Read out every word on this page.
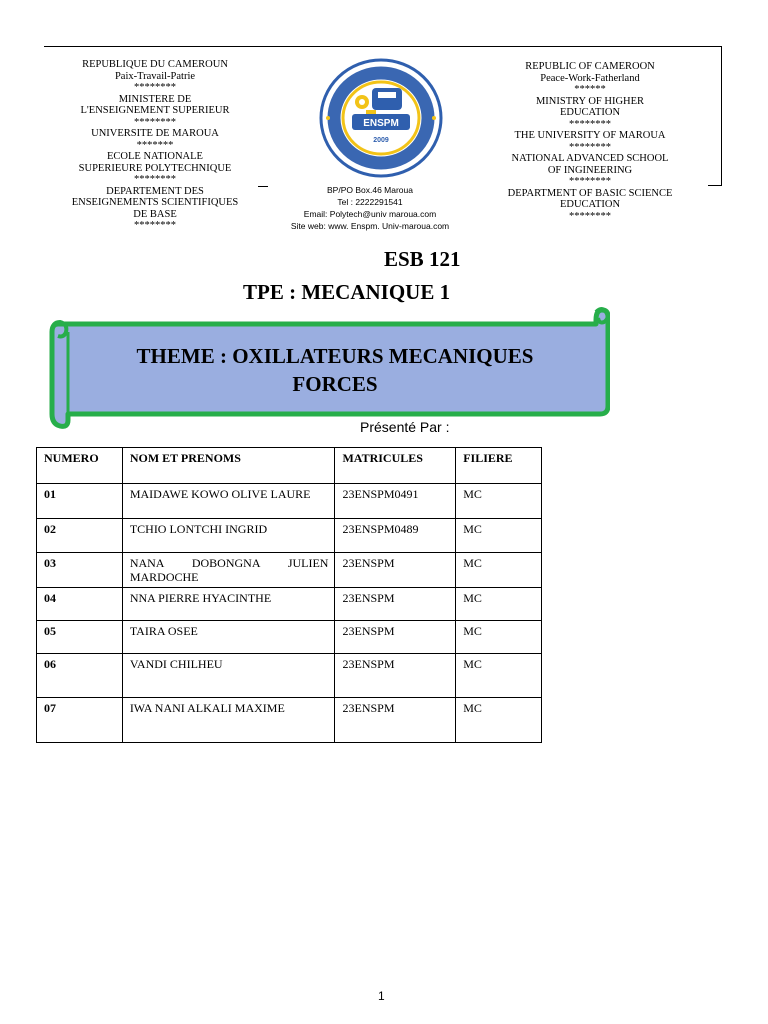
REPUBLIQUE DU CAMEROUN
Paix-Travail-Patrie
********
MINISTERE DE
L'ENSEIGNEMENT SUPERIEUR
********
UNIVERSITE DE MAROUA
*******
ECOLE NATIONALE
SUPERIEURE POLYTECHNIQUE
********
DEPARTEMENT DES
ENSEIGNEMENTS SCIENTIFIQUES
DE BASE
********
REPUBLIC OF CAMEROON
Peace-Work-Fatherland
******
MINISTRY OF HIGHER
EDUCATION
********
THE UNIVERSITY OF MAROUA
********
NATIONAL ADVANCED SCHOOL
OF INGINEERING
********
DEPARTMENT OF BASIC SCIENCE
EDUCATION
********
ENSPM
2009
BP/PO Box.46 Maroua
Tel : 2222291541
Email: Polytech@univ maroua.com
Site web: www. Enspm. Univ-maroua.com
ESB 121
TPE : MECANIQUE 1
THEME : OXILLATEURS MECANIQUES
FORCES
Présenté Par :
NUMERO	NOM ET PRENOMS	MATRICULES	FILIERE
01	MAIDAWE KOWO OLIVE LAURE	23ENSPM0491	MC
02	TCHIO LONTCHI INGRID	23ENSPM0489	MC
03	NANA DOBONGNA JULIEN MARDOCHE	23ENSPM	MC
04	NNA PIERRE HYACINTHE	23ENSPM	MC
05	TAIRA OSEE	23ENSPM	MC
06	VANDI CHILHEU	23ENSPM	MC
07	IWA NANI ALKALI MAXIME	23ENSPM	MC
1
